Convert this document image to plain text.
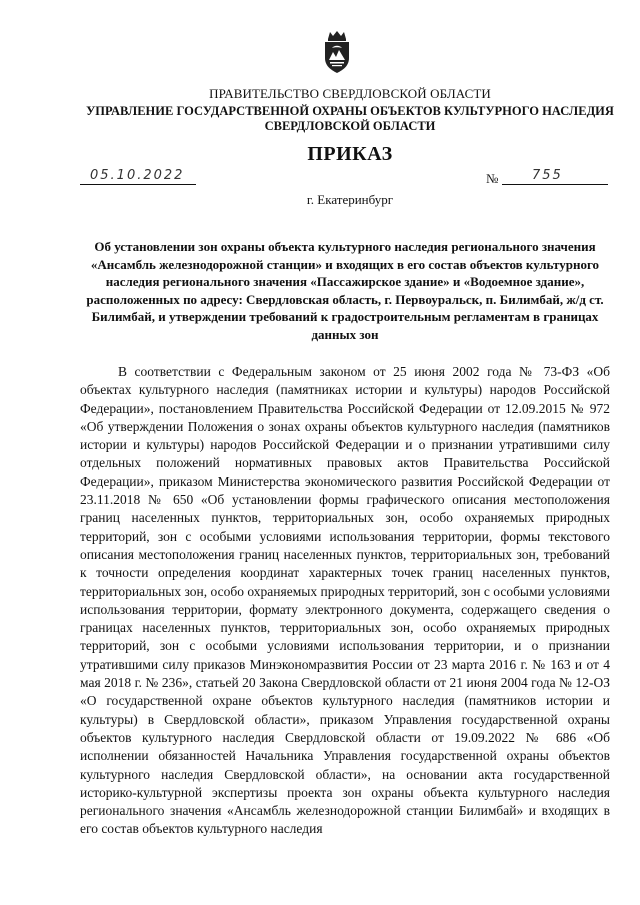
ПРАВИТЕЛЬСТВО СВЕРДЛОВСКОЙ ОБЛАСТИ
УПРАВЛЕНИЕ ГОСУДАРСТВЕННОЙ ОХРАНЫ ОБЪЕКТОВ КУЛЬТУРНОГО НАСЛЕДИЯ СВЕРДЛОВСКОЙ ОБЛАСТИ
ПРИКАЗ
05.10.2022	№	755
г. Екатеринбург
Об установлении зон охраны объекта культурного наследия регионального значения «Ансамбль железнодорожной станции» и входящих в его состав объектов культурного наследия регионального значения «Пассажирское здание» и «Водоемное здание», расположенных по адресу: Свердловская область, г. Первоуральск, п. Билимбай, ж/д ст. Билимбай, и утверждении требований к градостроительным регламентам в границах данных зон

В соответствии с Федеральным законом от 25 июня 2002 года № 73-ФЗ «Об объектах культурного наследия (памятниках истории и культуры) народов Российской Федерации», постановлением Правительства Российской Федерации от 12.09.2015 № 972 «Об утверждении Положения о зонах охраны объектов культурного наследия (памятников истории и культуры) народов Российской Федерации и о признании утратившими силу отдельных положений нормативных правовых актов Правительства Российской Федерации», приказом Министерства экономического развития Российской Федерации от 23.11.2018 № 650 «Об установлении формы графического описания местоположения границ населенных пунктов, территориальных зон, особо охраняемых природных территорий, зон с особыми условиями использования территории, формы текстового описания местоположения границ населенных пунктов, территориальных зон, требований к точности определения координат характерных точек границ населенных пунктов, территориальных зон, особо охраняемых природных территорий, зон с особыми условиями использования территории, формату электронного документа, содержащего сведения о границах населенных пунктов, территориальных зон, особо охраняемых природных территорий, зон с особыми условиями использования территории, и о признании утратившими силу приказов Минэкономразвития России от 23 марта 2016 г. № 163 и от 4 мая 2018 г. № 236», статьей 20 Закона Свердловской области от 21 июня 2004 года № 12-ОЗ «О государственной охране объектов культурного наследия (памятников истории и культуры) в Свердловской области», приказом Управления государственной охраны объектов культурного наследия Свердловской области от 19.09.2022 № 686 «Об исполнении обязанностей Начальника Управления государственной охраны объектов культурного наследия Свердловской области», на основании акта государственной историко-культурной экспертизы проекта зон охраны объекта культурного наследия регионального значения «Ансамбль железнодорожной станции Билимбай» и входящих в его состав объектов культурного наследия
